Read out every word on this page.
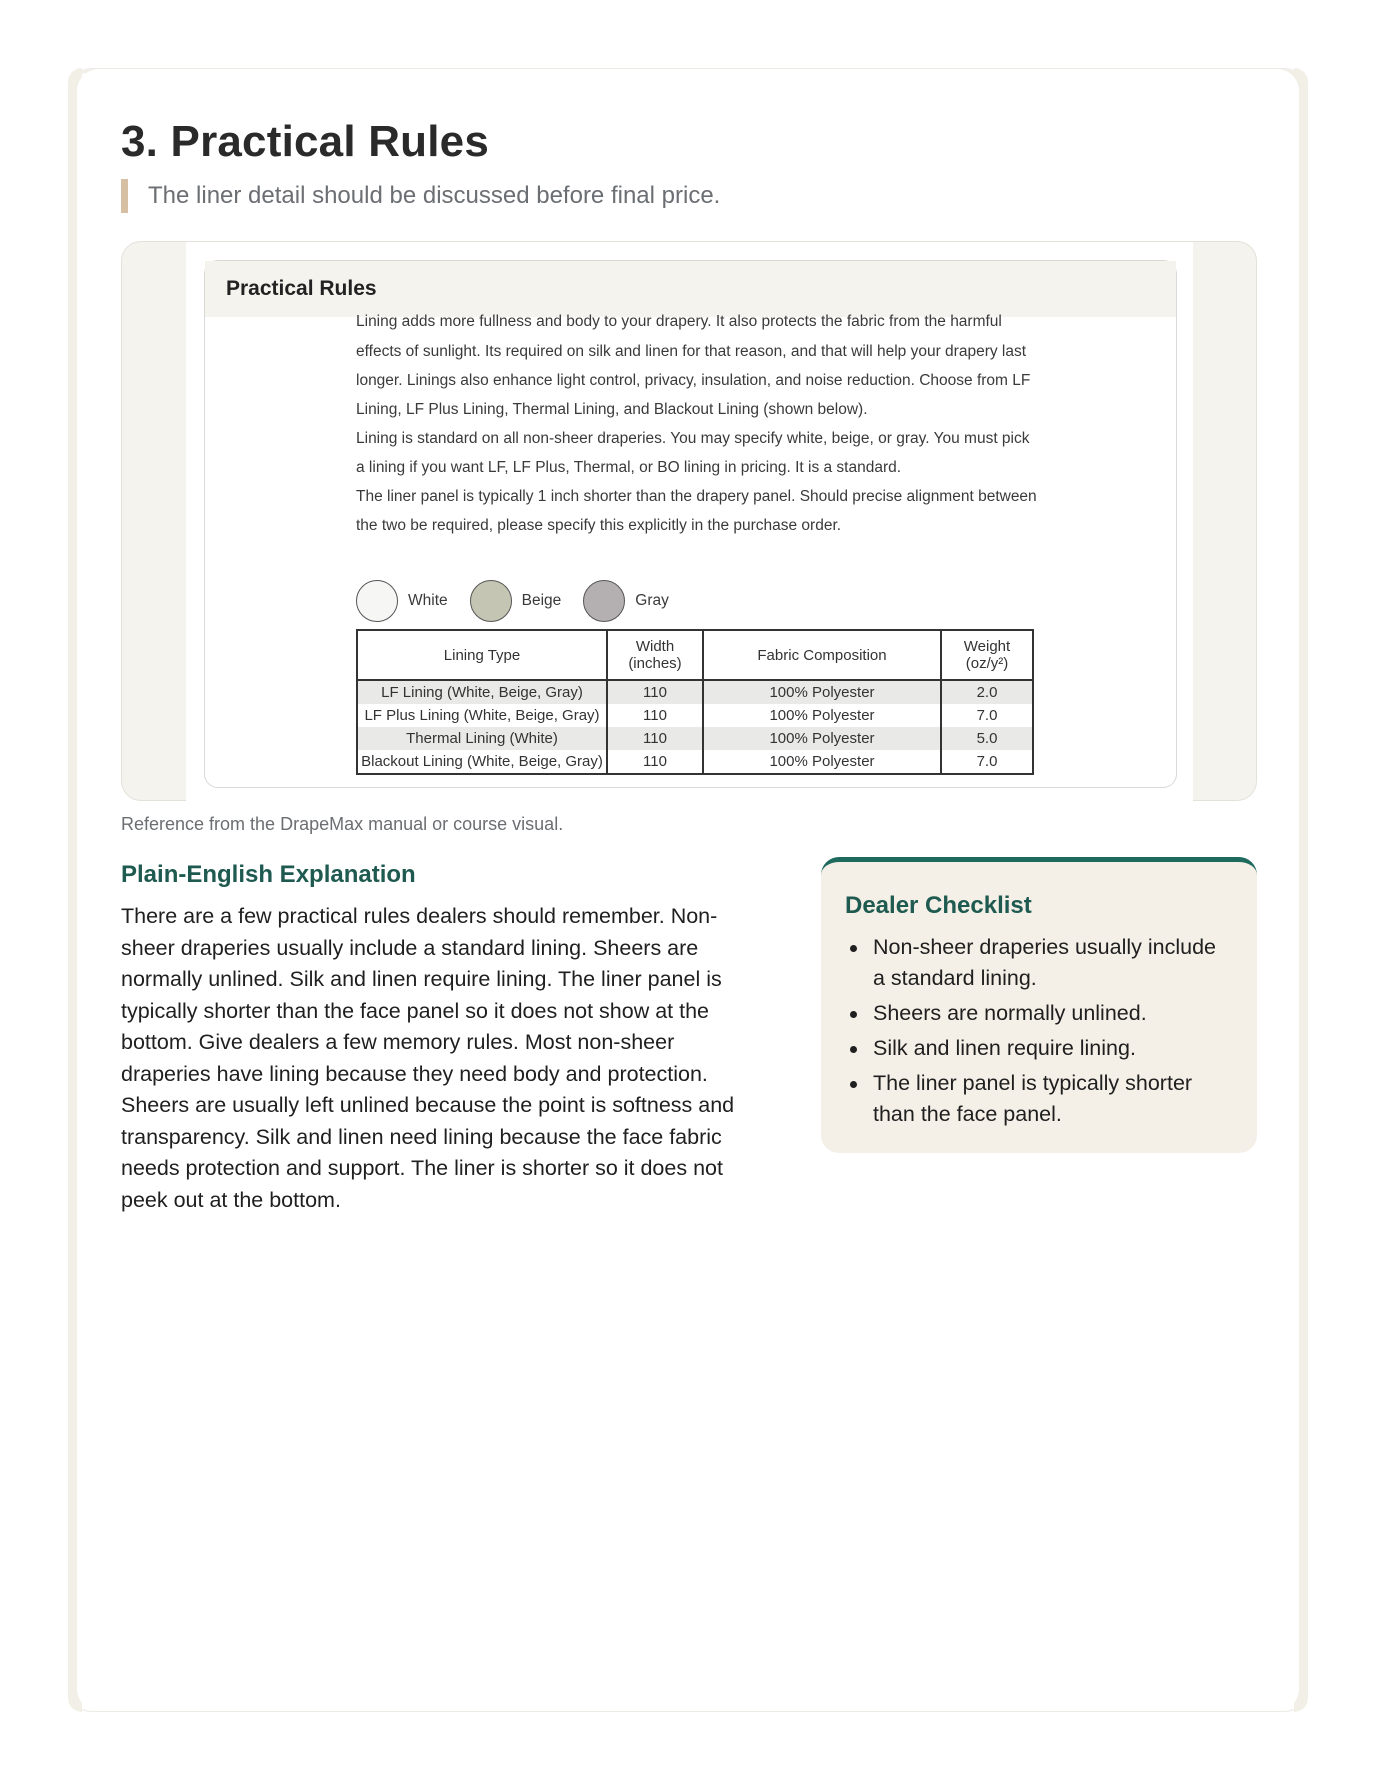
3. Practical Rules
The liner detail should be discussed before final price.
Practical Rules
Lining adds more fullness and body to your drapery. It also protects the fabric from the harmful
effects of sunlight. Its required on silk and linen for that reason, and that will help your drapery last
longer. Linings also enhance light control, privacy, insulation, and noise reduction. Choose from LF
Lining, LF Plus Lining, Thermal Lining, and Blackout Lining (shown below).
Lining is standard on all non-sheer draperies. You may specify white, beige, or gray. You must pick
a lining if you want LF, LF Plus, Thermal, or BO lining in pricing. It is a standard.
The liner panel is typically 1 inch shorter than the drapery panel. Should precise alignment between
the two be required, please specify this explicitly in the purchase order.
White	Beige	Gray
Lining Type	Width (inches)	Fabric Composition	Weight (oz/y²)
LF Lining (White, Beige, Gray)	110	100% Polyester	2.0
LF Plus Lining (White, Beige, Gray)	110	100% Polyester	7.0
Thermal Lining (White)	110	100% Polyester	5.0
Blackout Lining (White, Beige, Gray)	110	100% Polyester	7.0
Reference from the DrapeMax manual or course visual.
Plain-English Explanation

There are a few practical rules dealers should remember. Non-sheer draperies usually include a standard lining. Sheers are normally unlined. Silk and linen require lining. The liner panel is typically shorter than the face panel so it does not show at the bottom. Give dealers a few memory rules. Most non-sheer draperies have lining because they need body and protection. Sheers are usually left unlined because the point is softness and transparency. Silk and linen need lining because the face fabric needs protection and support. The liner is shorter so it does not peek out at the bottom.

Dealer Checklist
Non-sheer draperies usually include a standard lining.
Sheers are normally unlined.
Silk and linen require lining.
The liner panel is typically shorter than the face panel.
